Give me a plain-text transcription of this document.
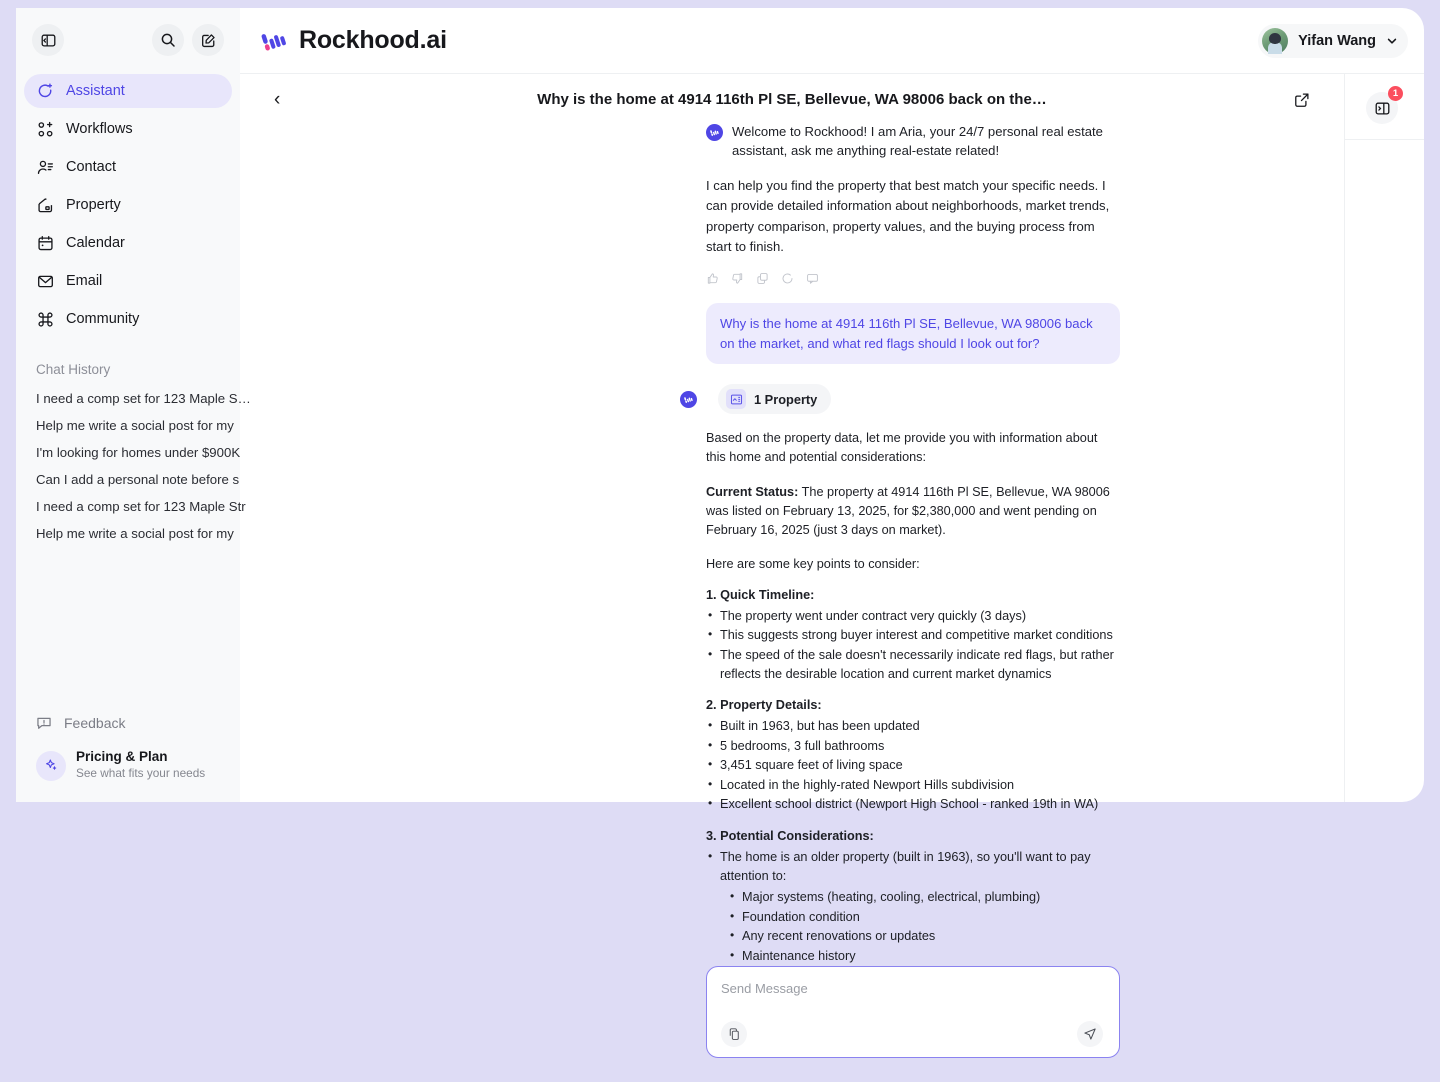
Assistant
Workflows
Contact
Property
Calendar
Email
Community
Chat History
I need a comp set for 123 Maple S…
Help me write a social post for my
I'm looking for homes under $900K
Can I add a personal note before s
I need a comp set for 123 Maple Str
Help me write a social post for my
Feedback
Pricing & Plan
See what fits your needs
Rockhood.ai	Yifan Wang
‹	Why is the home at 4914 116th Pl SE, Bellevue, WA 98006 back on the…
Welcome to Rockhood! I am Aria, your 24/7 personal real estate assistant, ask me anything real-estate related!
I can help you find the property that best match your specific needs. I can provide detailed information about neighborhoods, market trends, property comparison, property values, and the buying process from start to finish.
Why is the home at 4914 116th Pl SE, Bellevue, WA 98006 back on the market, and what red flags should I look out for?
1 Property
Based on the property data, let me provide you with information about this home and potential considerations:
Current Status: The property at 4914 116th Pl SE, Bellevue, WA 98006 was listed on February 13, 2025, for $2,380,000 and went pending on February 16, 2025 (just 3 days on market).
Here are some key points to consider:
1. Quick Timeline:
• The property went under contract very quickly (3 days)
• This suggests strong buyer interest and competitive market conditions
• The speed of the sale doesn't necessarily indicate red flags, but rather reflects the desirable location and current market dynamics
2. Property Details:
• Built in 1963, but has been updated
• 5 bedrooms, 3 full bathrooms
• 3,451 square feet of living space
• Located in the highly-rated Newport Hills subdivision
• Excellent school district (Newport High School - ranked 19th in WA)
3. Potential Considerations:
• The home is an older property (built in 1963), so you'll want to pay attention to:
• Major systems (heating, cooling, electrical, plumbing)
• Foundation condition
• Any recent renovations or updates
• Maintenance history
Send Message
1
